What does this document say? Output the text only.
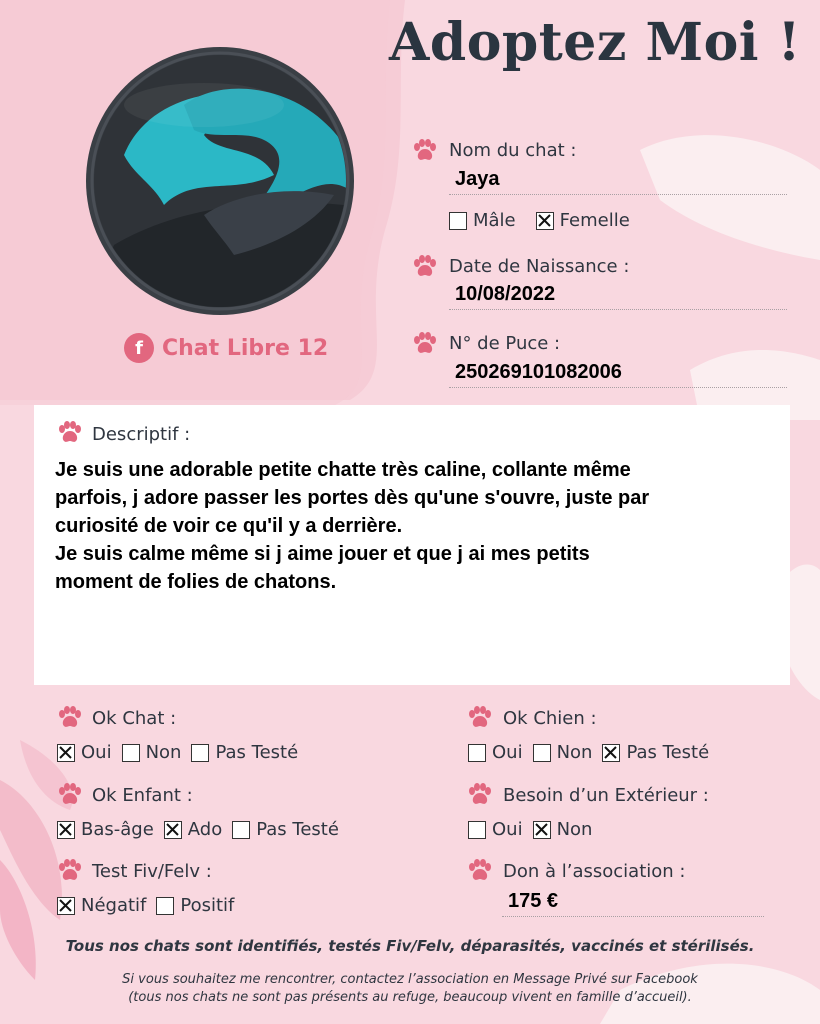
f Chat Libre 12
Adoptez Moi !
Nom du chat :
Jaya
Mâle Femelle
Date de Naissance :
10/08/2022
N° de Puce :
250269101082006
Descriptif :
Je suis une adorable petite chatte très caline, collante même
parfois, j adore passer les portes dès qu'une s'ouvre, juste par
curiosité de voir ce qu'il y a derrière.
Je suis calme même si j aime jouer et que j ai mes petits
moment de folies de chatons.
Ok Chat :
Oui Non Pas Testé
Ok Chien :
Oui Non Pas Testé
Ok Enfant :
Bas-âge Ado Pas Testé
Besoin d’un Extérieur :
Oui Non
Test Fiv/Felv :
Négatif Positif
Don à l’association :
175 €
Tous nos chats sont identifiés, testés Fiv/Felv, déparasités, vaccinés et stérilisés.
Si vous souhaitez me rencontrer, contactez l’association en Message Privé sur Facebook
(tous nos chats ne sont pas présents au refuge, beaucoup vivent en famille d’accueil).
